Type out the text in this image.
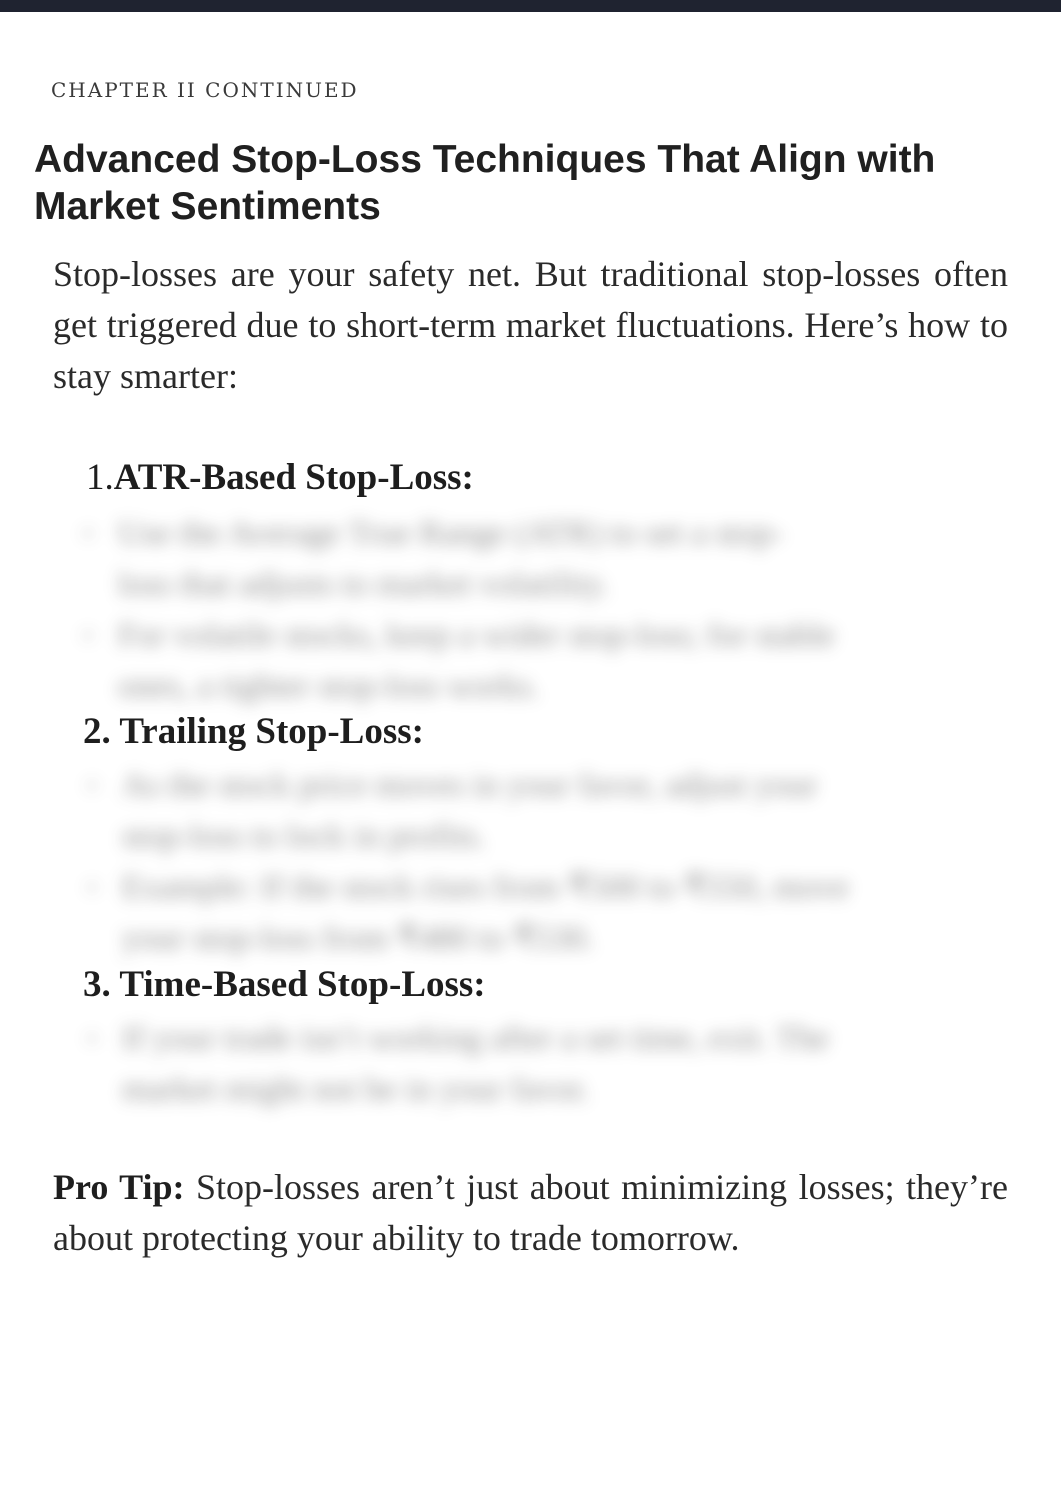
CHAPTER II CONTINUED
Advanced Stop-Loss Techniques That Align with Market Sentiments

Stop-losses are your safety net. But traditional stop-losses often get triggered due to short-term market fluctuations. Here’s how to stay smarter:

1.ATR-Based Stop-Loss:
◦ Use the Average True Range (ATR) to set a stop-
loss that adjusts to market volatility.
◦ For volatile stocks, keep a wider stop-loss; for stable
ones, a tighter stop-loss works.
2. Trailing Stop-Loss:
◦ As the stock price moves in your favor, adjust your
stop-loss to lock in profits.
◦ Example: If the stock rises from ₹500 to ₹550, move
your stop-loss from ₹480 to ₹530.
3. Time-Based Stop-Loss:
◦ If your trade isn’t working after a set time, exit. The
market might not be in your favor.

Pro Tip: Stop-losses aren’t just about minimizing losses; they’re about protecting your ability to trade tomorrow.
